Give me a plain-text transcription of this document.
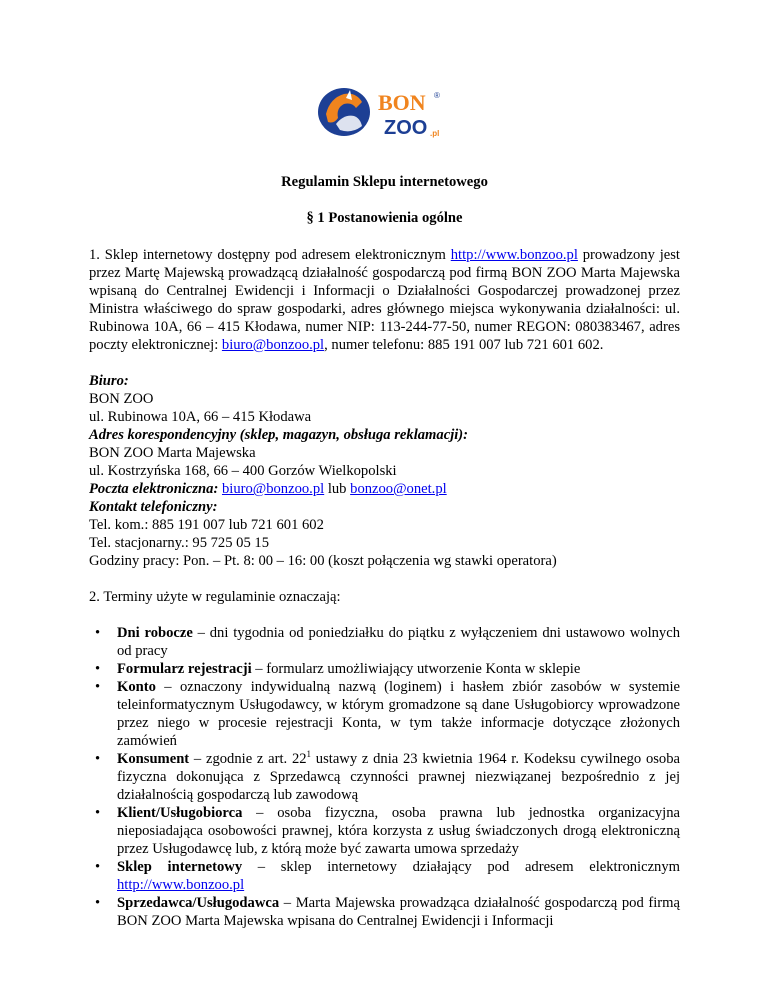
BON ®
ZOO .pl

Regulamin Sklepu internetowego

§ 1 Postanowienia ogólne

1. Sklep internetowy dostępny pod adresem elektronicznym http://www.bonzoo.pl prowadzony jest przez Martę Majewską prowadzącą działalność gospodarczą pod firmą BON ZOO Marta Majewska wpisaną do Centralnej Ewidencji i Informacji o Działalności Gospodarczej prowadzonej przez Ministra właściwego do spraw gospodarki, adres głównego miejsca wykonywania działalności: ul. Rubinowa 10A, 66 – 415 Kłodawa, numer NIP: 113-244-77-50, numer REGON: 080383467, adres poczty elektronicznej: biuro@bonzoo.pl, numer telefonu: 885 191 007 lub 721 601 602.

Biuro:
BON ZOO
ul. Rubinowa 10A, 66 – 415 Kłodawa
Adres korespondencyjny (sklep, magazyn, obsługa reklamacji):
BON ZOO Marta Majewska
ul. Kostrzyńska 168, 66 – 400 Gorzów Wielkopolski
Poczta elektroniczna: biuro@bonzoo.pl lub bonzoo@onet.pl
Kontakt telefoniczny:
Tel. kom.: 885 191 007 lub 721 601 602
Tel. stacjonarny.: 95 725 05 15
Godziny pracy: Pon. – Pt. 8: 00 – 16: 00 (koszt połączenia wg stawki operatora)

2. Terminy użyte w regulaminie oznaczają:

• Dni robocze – dni tygodnia od poniedziałku do piątku z wyłączeniem dni ustawowo wolnych od pracy
• Formularz rejestracji – formularz umożliwiający utworzenie Konta w sklepie
• Konto – oznaczony indywidualną nazwą (loginem) i hasłem zbiór zasobów w systemie teleinformatycznym Usługodawcy, w którym gromadzone są dane Usługobiorcy wprowadzone przez niego w procesie rejestracji Konta, w tym także informacje dotyczące złożonych zamówień
• Konsument – zgodnie z art. $22^1$ ustawy z dnia 23 kwietnia 1964 r. Kodeksu cywilnego osoba fizyczna dokonująca z Sprzedawcą czynności prawnej niezwiązanej bezpośrednio z jej działalnością gospodarczą lub zawodową
• Klient/Usługobiorca – osoba fizyczna, osoba prawna lub jednostka organizacyjna nieposiadająca osobowości prawnej, która korzysta z usług świadczonych drogą elektroniczną przez Usługodawcę lub, z którą może być zawarta umowa sprzedaży
• Sklep internetowy – sklep internetowy działający pod adresem elektronicznym http://www.bonzoo.pl
• Sprzedawca/Usługodawca – Marta Majewska prowadząca działalność gospodarczą pod firmą BON ZOO Marta Majewska wpisana do Centralnej Ewidencji i Informacji
